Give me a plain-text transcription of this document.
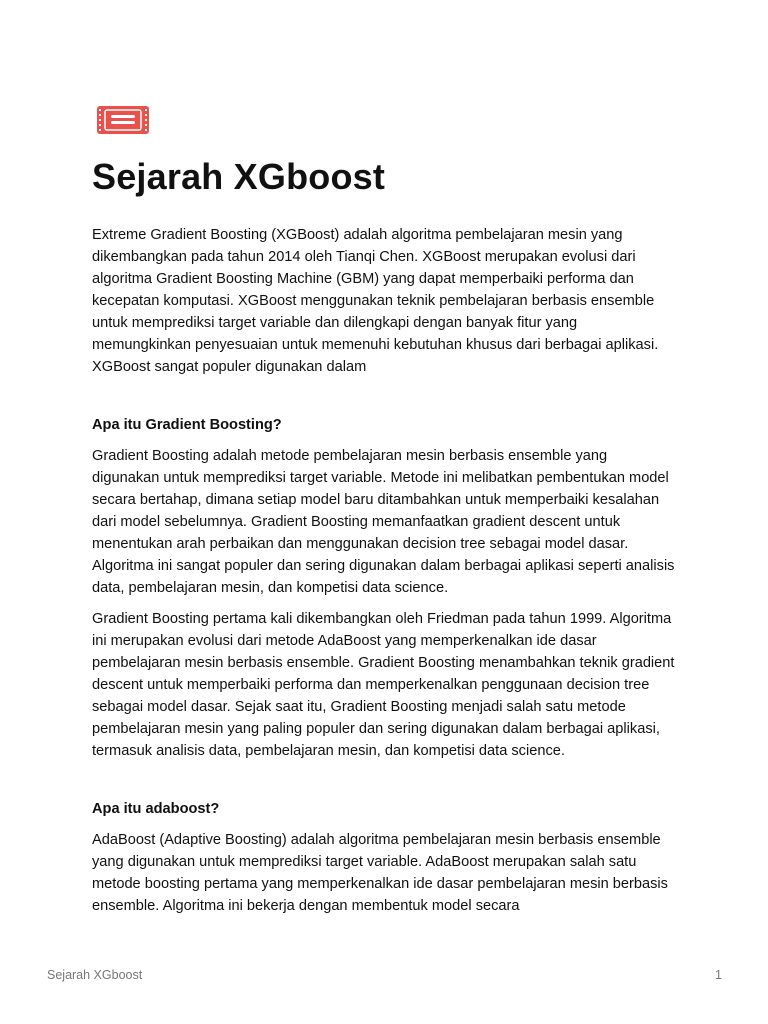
Sejarah XGboost

Extreme Gradient Boosting (XGBoost) adalah algoritma pembelajaran mesin yang dikembangkan pada tahun 2014 oleh Tianqi Chen. XGBoost merupakan evolusi dari algoritma Gradient Boosting Machine (GBM) yang dapat memperbaiki performa dan kecepatan komputasi. XGBoost menggunakan teknik pembelajaran berbasis ensemble untuk memprediksi target variable dan dilengkapi dengan banyak fitur yang memungkinkan penyesuaian untuk memenuhi kebutuhan khusus dari berbagai aplikasi. XGBoost sangat populer digunakan dalam

Apa itu Gradient Boosting?

Gradient Boosting adalah metode pembelajaran mesin berbasis ensemble yang digunakan untuk memprediksi target variable. Metode ini melibatkan pembentukan model secara bertahap, dimana setiap model baru ditambahkan untuk memperbaiki kesalahan dari model sebelumnya. Gradient Boosting memanfaatkan gradient descent untuk menentukan arah perbaikan dan menggunakan decision tree sebagai model dasar. Algoritma ini sangat populer dan sering digunakan dalam berbagai aplikasi seperti analisis data, pembelajaran mesin, dan kompetisi data science.

Gradient Boosting pertama kali dikembangkan oleh Friedman pada tahun 1999. Algoritma ini merupakan evolusi dari metode AdaBoost yang memperkenalkan ide dasar pembelajaran mesin berbasis ensemble. Gradient Boosting menambahkan teknik gradient descent untuk memperbaiki performa dan memperkenalkan penggunaan decision tree sebagai model dasar. Sejak saat itu, Gradient Boosting menjadi salah satu metode pembelajaran mesin yang paling populer dan sering digunakan dalam berbagai aplikasi, termasuk analisis data, pembelajaran mesin, dan kompetisi data science.

Apa itu adaboost?

AdaBoost (Adaptive Boosting) adalah algoritma pembelajaran mesin berbasis ensemble yang digunakan untuk memprediksi target variable. AdaBoost merupakan salah satu metode boosting pertama yang memperkenalkan ide dasar pembelajaran mesin berbasis ensemble. Algoritma ini bekerja dengan membentuk model secara

Sejarah XGboost	1
